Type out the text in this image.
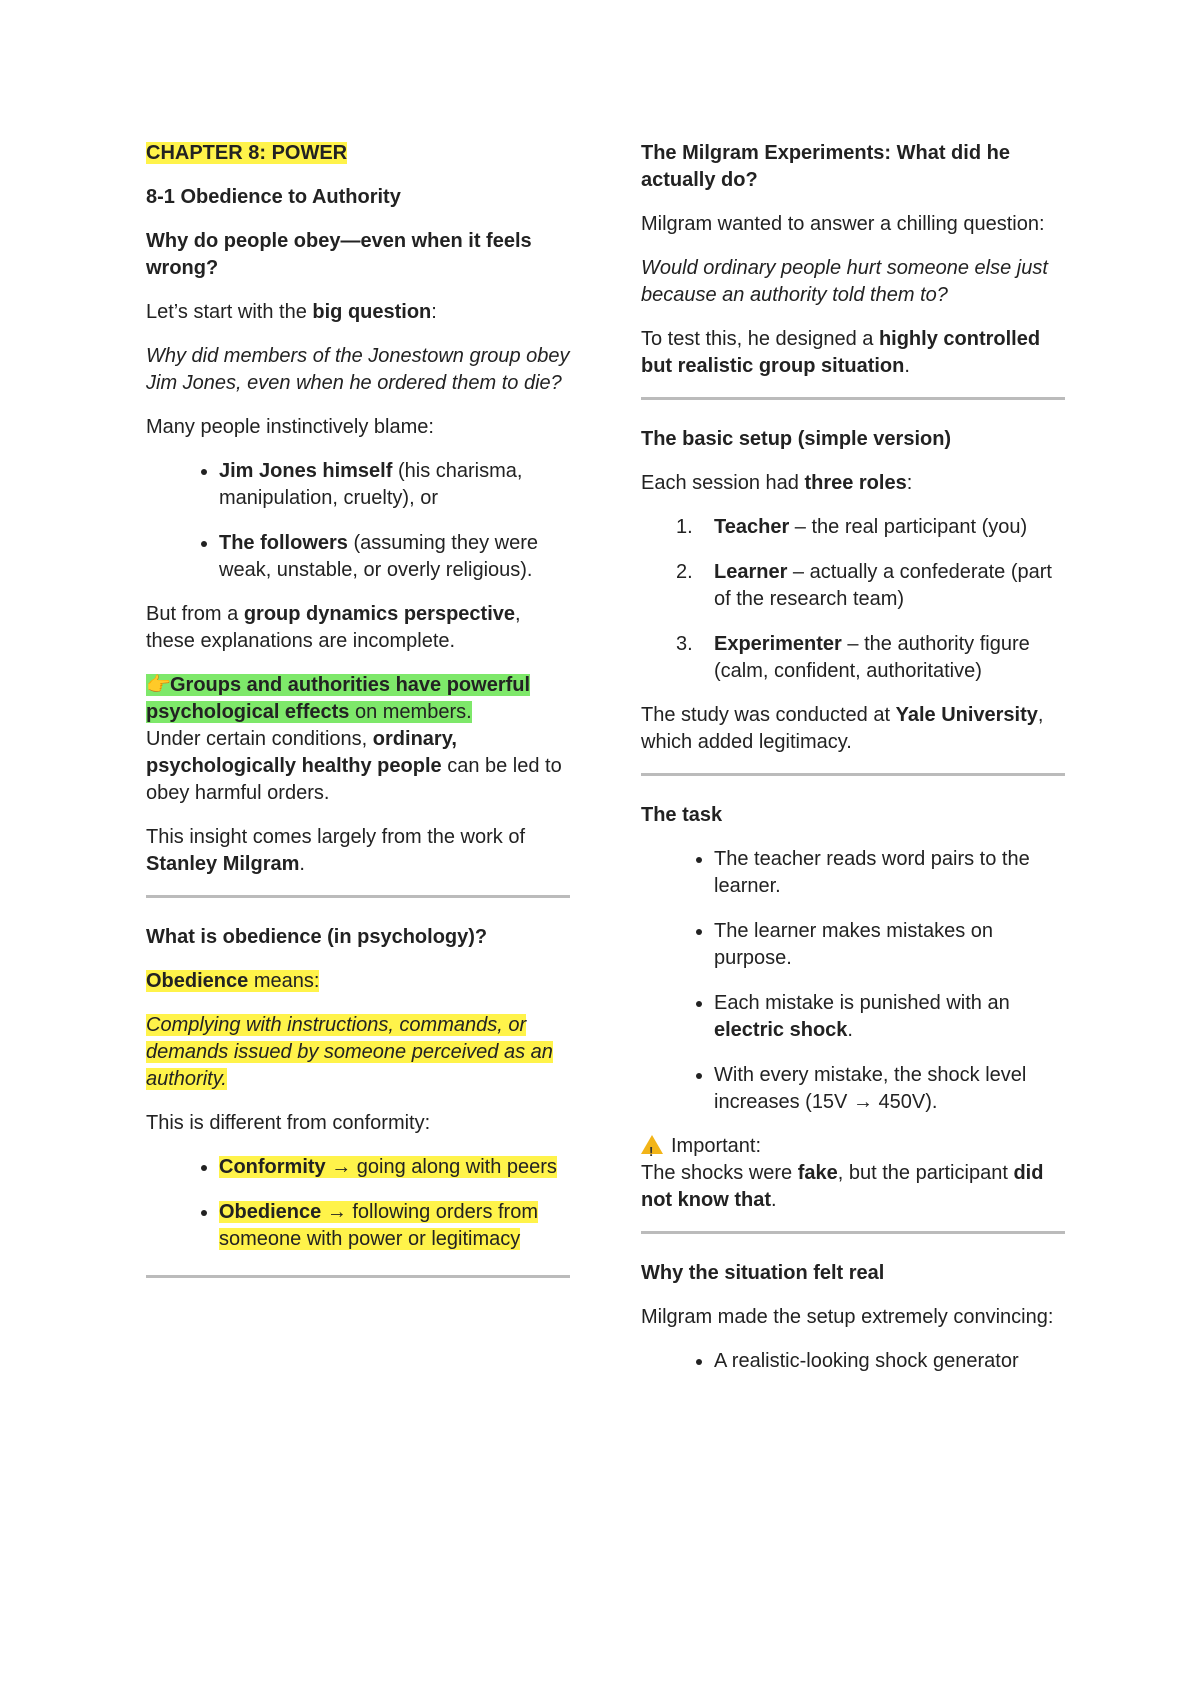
CHAPTER 8: POWER

8-1 Obedience to Authority

Why do people obey—even when it feels wrong?

Let’s start with the big question:

Why did members of the Jonestown group obey Jim Jones, even when he ordered them to die?

Many people instinctively blame:

• Jim Jones himself (his charisma, manipulation, cruelty), or
• The followers (assuming they were weak, unstable, or overly religious).

But from a group dynamics perspective, these explanations are incomplete.

👉Groups and authorities have powerful psychological effects on members.

Under certain conditions, ordinary, psychologically healthy people can be led to obey harmful orders.

This insight comes largely from the work of Stanley Milgram.

What is obedience (in psychology)?

Obedience means:

Complying with instructions, commands, or demands issued by someone perceived as an authority.

This is different from conformity:

• Conformity → going along with peers
• Obedience → following orders from someone with power or legitimacy

The Milgram Experiments: What did he actually do?

Milgram wanted to answer a chilling question:

Would ordinary people hurt someone else just because an authority told them to?

To test this, he designed a highly controlled but realistic group situation.

The basic setup (simple version)

Each session had three roles:

1. Teacher – the real participant (you)
2. Learner – actually a confederate (part of the research team)
3. Experimenter – the authority figure (calm, confident, authoritative)

The study was conducted at Yale University, which added legitimacy.

The task

• The teacher reads word pairs to the learner.
• The learner makes mistakes on purpose.
• Each mistake is punished with an electric shock.
• With every mistake, the shock level increases (15V → 450V).

!Important:

The shocks were fake, but the participant did not know that.

Why the situation felt real

Milgram made the setup extremely convincing:

• A realistic-looking shock generator
